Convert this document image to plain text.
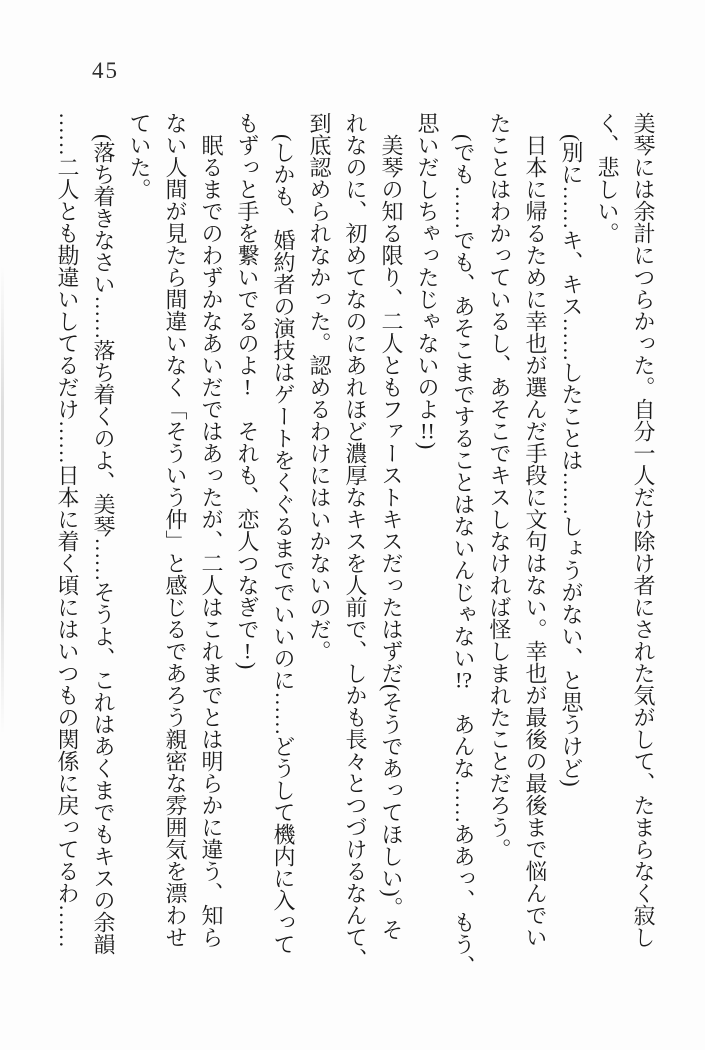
45
美琴には余計につらかった。自分一人だけ除け者にされた気がして、たまらなく寂し
く、悲しい。
(別に……キ、キス……したことは……しょうがない、と思うけど)
日本に帰るために幸也が選んだ手段に文句はない。幸也が最後の最後まで悩んでい
たことはわかっているし、あそこでキスしなければ怪しまれたことだろう。
(でも……でも、あそこまですることはないんじゃない!?　あんな……ああっ、もう、
思いだしちゃったじゃないのよ!!)
美琴の知る限り、二人ともファーストキスだったはずだ(そうであってほしい)。そ
れなのに、初めてなのにあれほど濃厚なキスを人前で、しかも長々とつづけるなんて、
到底認められなかった。認めるわけにはいかないのだ。
(しかも、婚約者の演技はゲートをくぐるまででいいのに……どうして機内に入って
もずっと手を繋いでるのよ!　それも、恋人つなぎで!)
眠るまでのわずかなあいだではあったが、二人はこれまでとは明らかに違う、知ら
ない人間が見たら間違いなく「そういう仲」と感じるであろう親密な雰囲気を漂わせ
ていた。
(落ち着きなさい……落ち着くのよ、美琴……そうよ、これはあくまでもキスの余韻
……二人とも勘違いしてるだけ……日本に着く頃にはいつもの関係に戻ってるわ……
